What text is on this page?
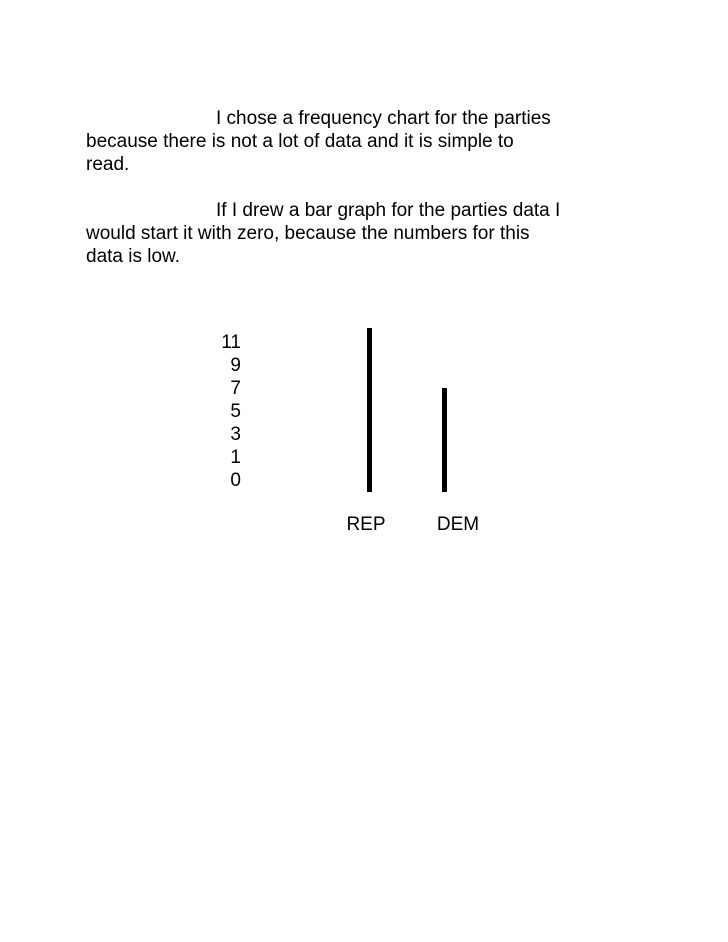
I chose a frequency chart for the parties
because there is not a lot of data and it is simple to
read.

If I drew a bar graph for the parties data I
would start it with zero, because the numbers for this
data is low.

11
9
7
5
3
1
0
REP	DEM
